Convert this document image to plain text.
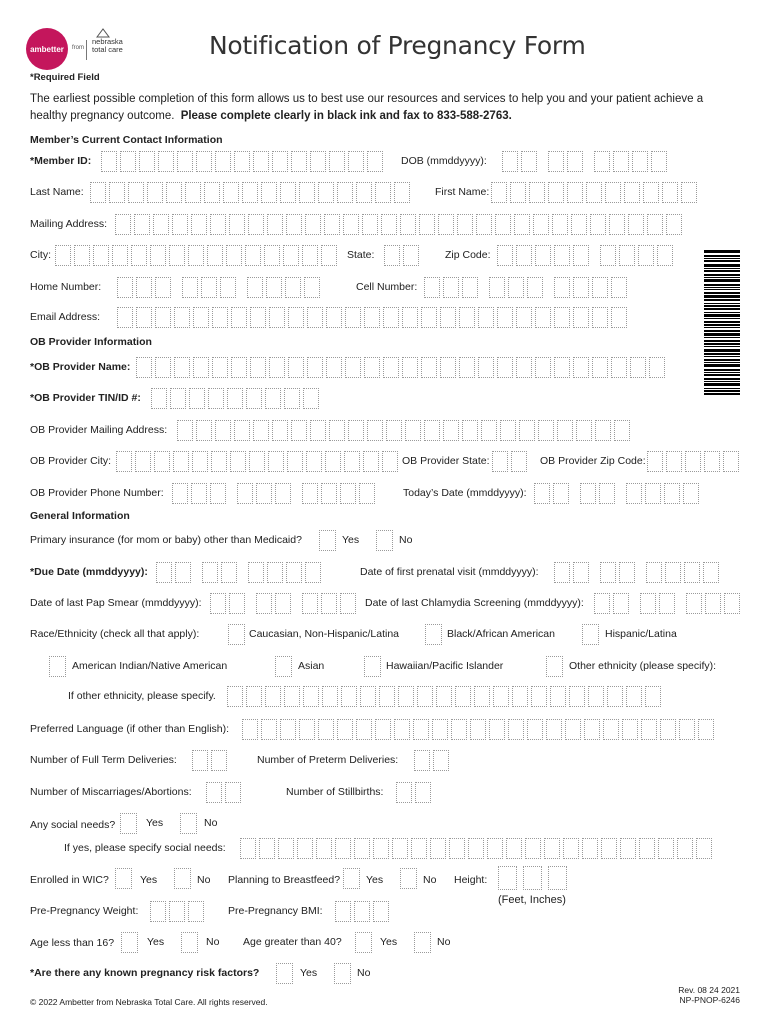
ambetter	from
nebraska
total care	Notification of Pregnancy Form
*Required Field
The earliest possible completion of this form allows us to best use our resources and services to help you and your patient achieve a
healthy pregnancy outcome. Please complete clearly in black ink and fax to 833-588-2763.
Member’s Current Contact Information
*Member ID:	DOB (mmddyyyy):
Last Name:	First Name:
Mailing Address:
City:	State:	Zip Code:
Home Number:	Cell Number:
Email Address:
OB Provider Information
*OB Provider Name:
*OB Provider TIN/ID #:
OB Provider Mailing Address:
OB Provider City:	OB Provider State:	OB Provider Zip Code:
OB Provider Phone Number:	Today’s Date (mmddyyyy):
General Information
Primary insurance (for mom or baby) other than Medicaid?	Yes	No
*Due Date (mmddyyyy):	Date of first prenatal visit (mmddyyyy):
Date of last Pap Smear (mmddyyyy):	Date of last Chlamydia Screening (mmddyyyy):
Race/Ethnicity (check all that apply):	Caucasian, Non-Hispanic/Latina	Black/African American	Hispanic/Latina
American Indian/Native American	Asian	Hawaiian/Pacific Islander	Other ethnicity (please specify):
If other ethnicity, please specify.
Preferred Language (if other than English):
Number of Full Term Deliveries:	Number of Preterm Deliveries:
Number of Miscarriages/Abortions:	Number of Stillbirths:
Any social needs?	Yes	No
If yes, please specify social needs:
Enrolled in WIC?	Yes	No Planning to Breastfeed? Yes	No Height:
(Feet, Inches)
Pre-Pregnancy Weight:	Pre-Pregnancy BMI:
Age less than 16?	Yes	No Age greater than 40?	Yes	No
*Are there any known pregnancy risk factors?	Yes	No
© 2022 Ambetter from Nebraska Total Care. All rights reserved.
Rev. 08 24 2021
NP-PNOP-6246
